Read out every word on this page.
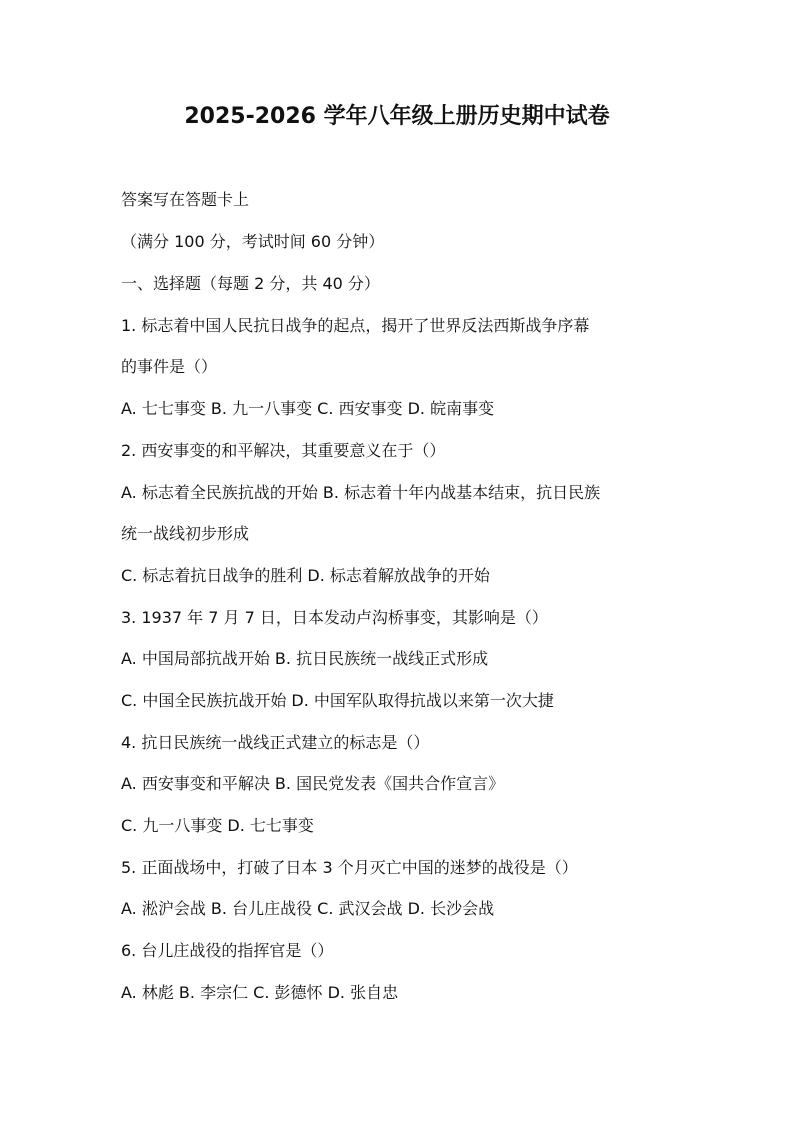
2025-2026 学年八年级上册历史期中试卷
答案写在答题卡上
（满分 100 分，考试时间 60 分钟）
一、选择题（每题 2 分，共 40 分）
1. 标志着中国人民抗日战争的起点，揭开了世界反法西斯战争序幕
的事件是（）
A. 七七事变 B. 九一八事变 C. 西安事变 D. 皖南事变
2. 西安事变的和平解决，其重要意义在于（）
A. 标志着全民族抗战的开始 B. 标志着十年内战基本结束，抗日民族
统一战线初步形成
C. 标志着抗日战争的胜利 D. 标志着解放战争的开始
3. 1937 年 7 月 7 日，日本发动卢沟桥事变，其影响是（）
A. 中国局部抗战开始 B. 抗日民族统一战线正式形成
C. 中国全民族抗战开始 D. 中国军队取得抗战以来第一次大捷
4. 抗日民族统一战线正式建立的标志是（）
A. 西安事变和平解决 B. 国民党发表《国共合作宣言》
C. 九一八事变 D. 七七事变
5. 正面战场中，打破了日本 3 个月灭亡中国的迷梦的战役是（）
A. 淞沪会战 B. 台儿庄战役 C. 武汉会战 D. 长沙会战
6. 台儿庄战役的指挥官是（）
A. 林彪 B. 李宗仁 C. 彭德怀 D. 张自忠
